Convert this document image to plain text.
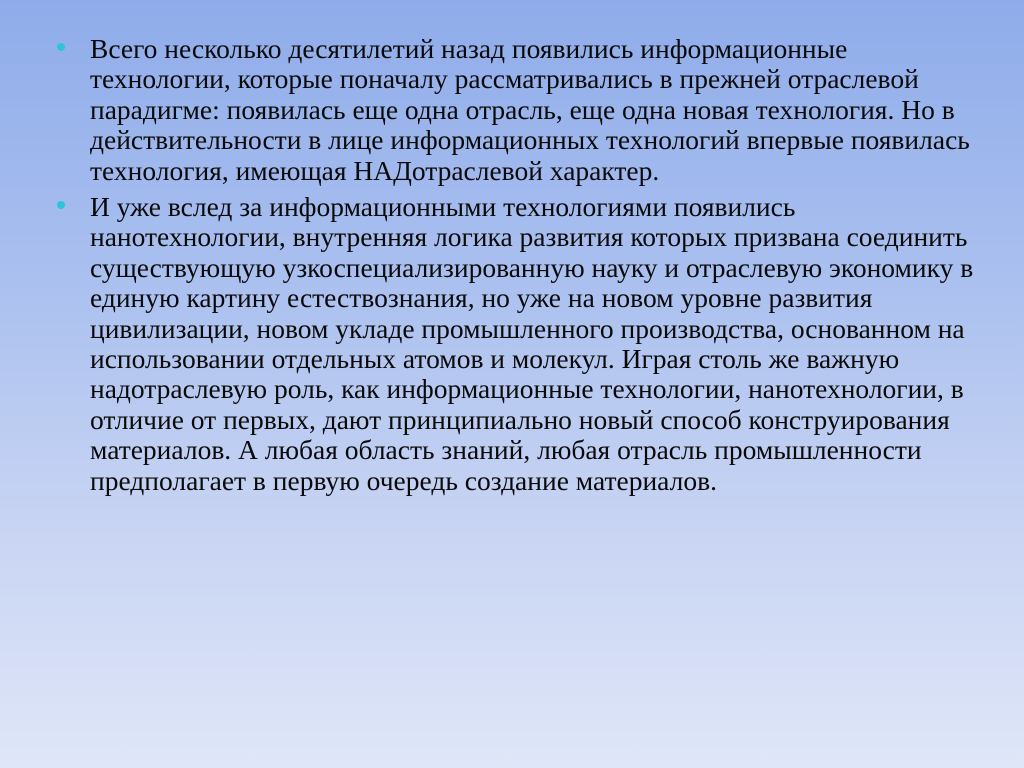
Всего несколько десятилетий назад появились информационные технологии, которые поначалу рассматривались в прежней отраслевой парадигме: появилась еще одна отрасль, еще одна новая технология. Но в действительности в лице информационных технологий впервые появилась технология, имеющая НАДотраслевой характер.
И уже вслед за информационными технологиями появились нанотехнологии, внутренняя логика развития которых призвана соединить существующую узкоспециализированную науку и отраслевую экономику в единую картину естествознания, но уже на новом уровне развития цивилизации, новом укладе промышленного производства, основанном на использовании отдельных атомов и молекул. Играя столь же важную надотраслевую роль, как информационные технологии, нанотехнологии, в отличие от первых, дают принципиально новый способ конструирования материалов. А любая область знаний, любая отрасль промышленности предполагает в первую очередь создание материалов.
